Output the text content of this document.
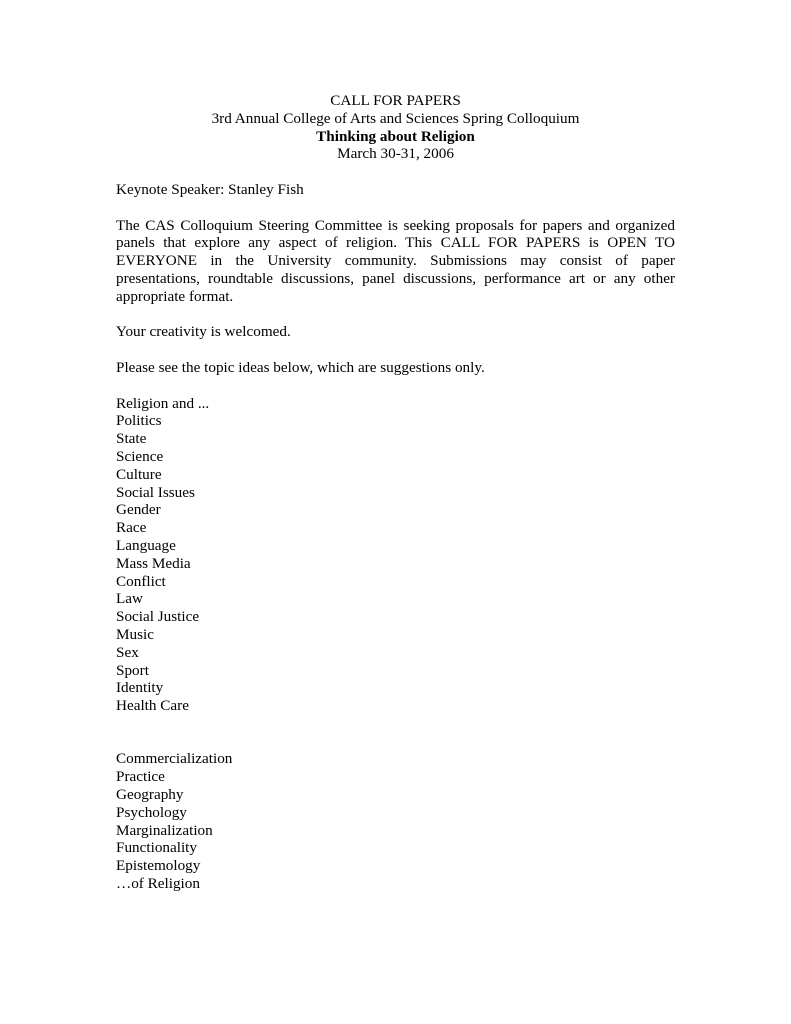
CALL FOR PAPERS
3rd Annual College of Arts and Sciences Spring Colloquium
Thinking about Religion
March 30-31, 2006

Keynote Speaker: Stanley Fish

The CAS Colloquium Steering Committee is seeking proposals for papers and organized panels that explore any aspect of religion. This CALL FOR PAPERS is OPEN TO EVERYONE in the University community. Submissions may consist of paper presentations, roundtable discussions, panel discussions, performance art or any other appropriate format.

Your creativity is welcomed.

Please see the topic ideas below, which are suggestions only.

Religion and ...
Politics
State
Science
Culture
Social Issues
Gender
Race
Language
Mass Media
Conflict
Law
Social Justice
Music
Sex
Sport
Identity
Health Care
Commercialization
Practice
Geography
Psychology
Marginalization
Functionality
Epistemology
…of Religion
